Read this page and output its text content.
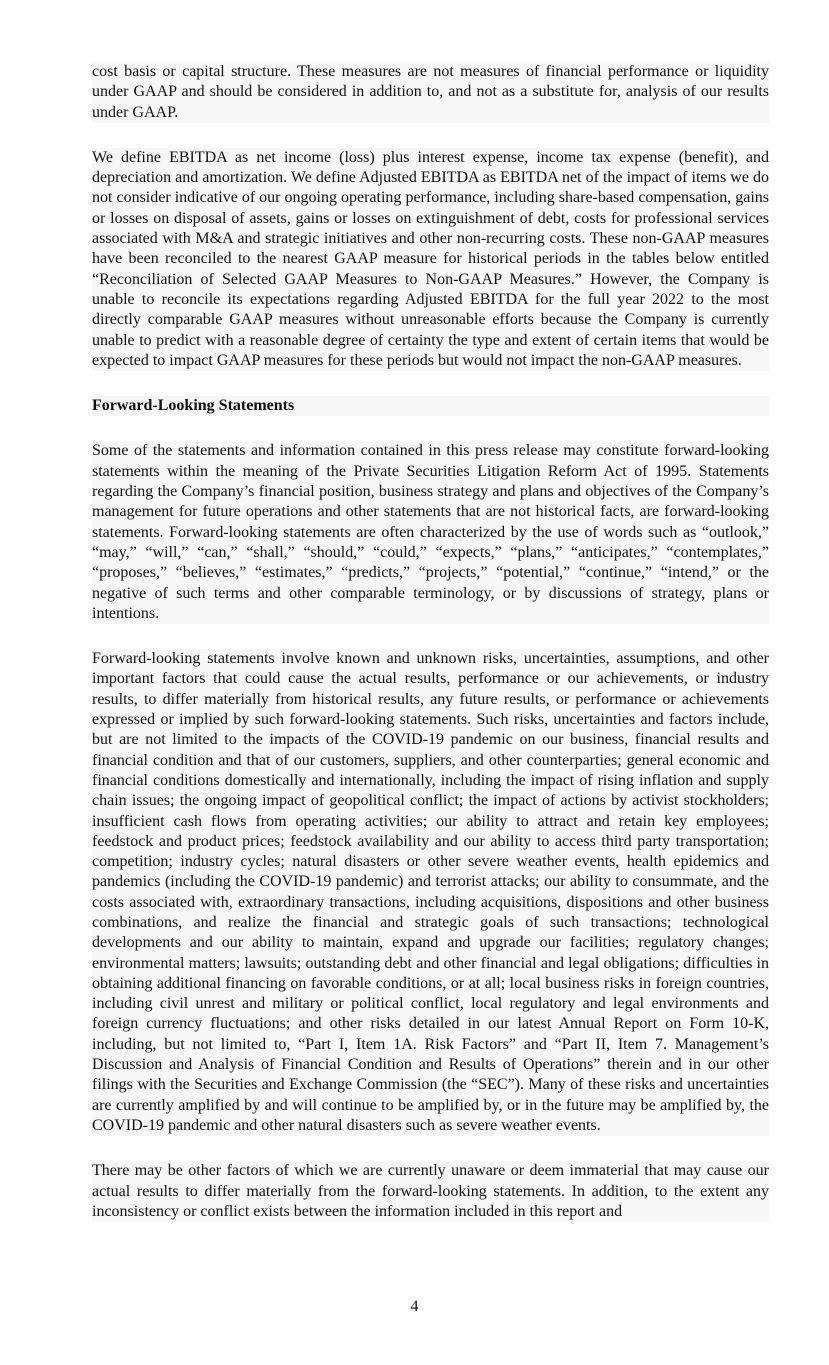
cost basis or capital structure. These measures are not measures of financial performance or liquidity under GAAP and should be considered in addition to, and not as a substitute for, analysis of our results under GAAP.

We define EBITDA as net income (loss) plus interest expense, income tax expense (benefit), and depreciation and amortization. We define Adjusted EBITDA as EBITDA net of the impact of items we do not consider indicative of our ongoing operating performance, including share-based compensation, gains or losses on disposal of assets, gains or losses on extinguishment of debt, costs for professional services associated with M&A and strategic initiatives and other non-recurring costs. These non-GAAP measures have been reconciled to the nearest GAAP measure for historical periods in the tables below entitled “Reconciliation of Selected GAAP Measures to Non-GAAP Measures.” However, the Company is unable to reconcile its expectations regarding Adjusted EBITDA for the full year 2022 to the most directly comparable GAAP measures without unreasonable efforts because the Company is currently unable to predict with a reasonable degree of certainty the type and extent of certain items that would be expected to impact GAAP measures for these periods but would not impact the non-GAAP measures.

Forward-Looking Statements

Some of the statements and information contained in this press release may constitute forward-looking statements within the meaning of the Private Securities Litigation Reform Act of 1995. Statements regarding the Company’s financial position, business strategy and plans and objectives of the Company’s management for future operations and other statements that are not historical facts, are forward-looking statements. Forward-looking statements are often characterized by the use of words such as “outlook,” “may,” “will,” “can,” “shall,” “should,” “could,” “expects,” “plans,” “anticipates,” “contemplates,” “proposes,” “believes,” “estimates,” “predicts,” “projects,” “potential,” “continue,” “intend,” or the negative of such terms and other comparable terminology, or by discussions of strategy, plans or intentions.

Forward-looking statements involve known and unknown risks, uncertainties, assumptions, and other important factors that could cause the actual results, performance or our achievements, or industry results, to differ materially from historical results, any future results, or performance or achievements expressed or implied by such forward-looking statements. Such risks, uncertainties and factors include, but are not limited to the impacts of the COVID-19 pandemic on our business, financial results and financial condition and that of our customers, suppliers, and other counterparties; general economic and financial conditions domestically and internationally, including the impact of rising inflation and supply chain issues; the ongoing impact of geopolitical conflict; the impact of actions by activist stockholders; insufficient cash flows from operating activities; our ability to attract and retain key employees; feedstock and product prices; feedstock availability and our ability to access third party transportation; competition; industry cycles; natural disasters or other severe weather events, health epidemics and pandemics (including the COVID-19 pandemic) and terrorist attacks; our ability to consummate, and the costs associated with, extraordinary transactions, including acquisitions, dispositions and other business combinations, and realize the financial and strategic goals of such transactions; technological developments and our ability to maintain, expand and upgrade our facilities; regulatory changes; environmental matters; lawsuits; outstanding debt and other financial and legal obligations; difficulties in obtaining additional financing on favorable conditions, or at all; local business risks in foreign countries, including civil unrest and military or political conflict, local regulatory and legal environments and foreign currency fluctuations; and other risks detailed in our latest Annual Report on Form 10-K, including, but not limited to, “Part I, Item 1A. Risk Factors” and “Part II, Item 7. Management’s Discussion and Analysis of Financial Condition and Results of Operations” therein and in our other filings with the Securities and Exchange Commission (the “SEC”). Many of these risks and uncertainties are currently amplified by and will continue to be amplified by, or in the future may be amplified by, the COVID-19 pandemic and other natural disasters such as severe weather events.

There may be other factors of which we are currently unaware or deem immaterial that may cause our actual results to differ materially from the forward-looking statements. In addition, to the extent any inconsistency or conflict exists between the information included in this report and

4
